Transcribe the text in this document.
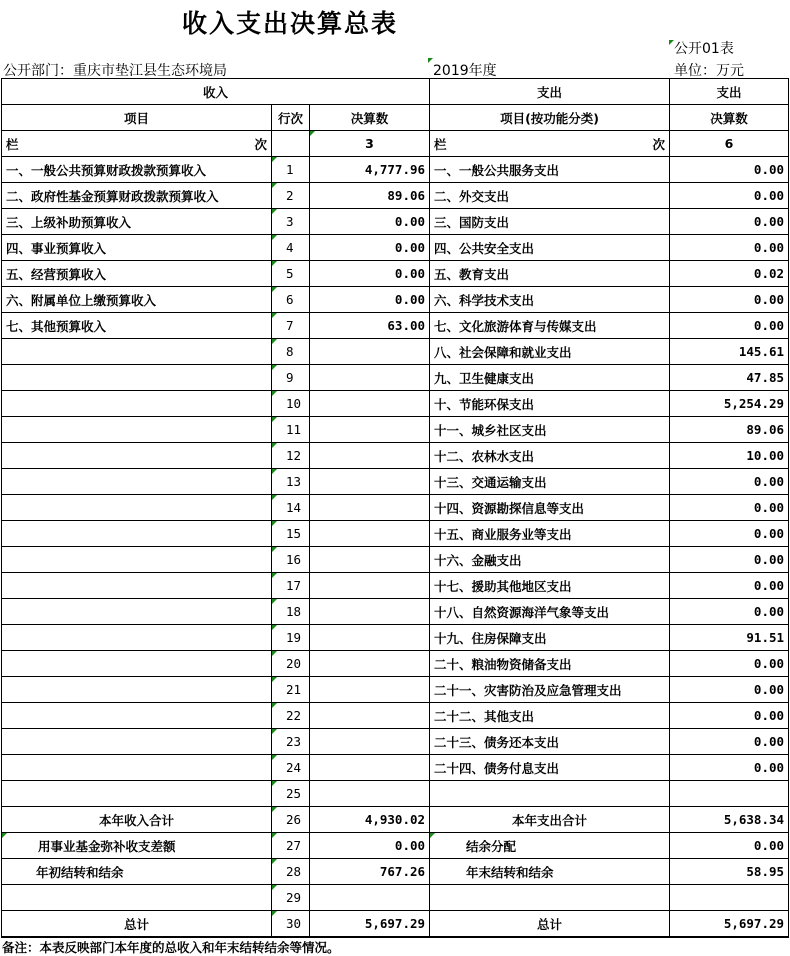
收入支出决算总表
公开01表
公开部门：重庆市垫江县生态环境局	2019年度	单位：万元
收入			支出	支出
项目	行次	决算数	项目(按功能分类)	决算数

栏 次		3	栏 次	6
一、一般公共预算财政拨款预算收入	1	4,777.96	一、一般公共服务支出	0.00
二、政府性基金预算财政拨款预算收入	2	89.06	二、外交支出	0.00
三、上级补助预算收入	3	0.00	三、国防支出	0.00
四、事业预算收入	4	0.00	四、公共安全支出	0.00
五、经营预算收入	5	0.00	五、教育支出	0.02
六、附属单位上缴预算收入	6	0.00	六、科学技术支出	0.00
七、其他预算收入	7	63.00	七、文化旅游体育与传媒支出	0.00
	8		八、社会保障和就业支出	145.61
	9		九、卫生健康支出	47.85
	10		十、节能环保支出	5,254.29
	11		十一、城乡社区支出	89.06
	12		十二、农林水支出	10.00
	13		十三、交通运输支出	0.00
	14		十四、资源勘探信息等支出	0.00
	15		十五、商业服务业等支出	0.00
	16		十六、金融支出	0.00
	17		十七、援助其他地区支出	0.00
	18		十八、自然资源海洋气象等支出	0.00
	19		十九、住房保障支出	91.51
	20		二十、粮油物资储备支出	0.00
	21		二十一、灾害防治及应急管理支出	0.00
	22		二十二、其他支出	0.00
	23		二十三、债务还本支出	0.00
	24		二十四、债务付息支出	0.00
	25			
本年收入合计	26	4,930.02	本年支出合计	5,638.34
用事业基金弥补收支差额	27	0.00	结余分配	0.00
年初结转和结余	28	767.26	年末结转和结余	58.95
	29			
总计	30	5,697.29	总计	5,697.29
备注：本表反映部门本年度的总收入和年末结转结余等情况。
